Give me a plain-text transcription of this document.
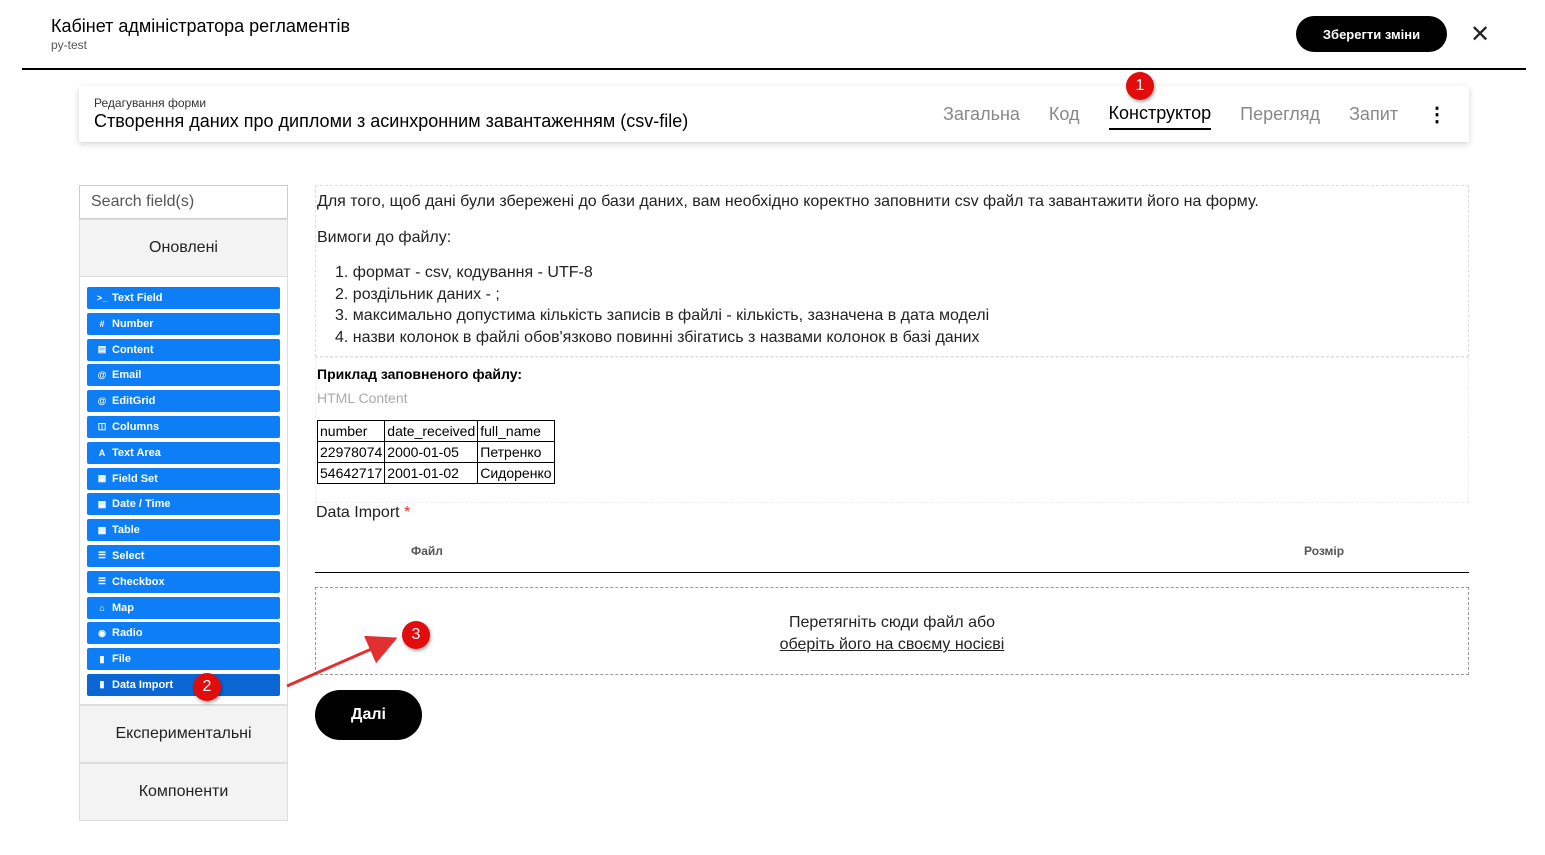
Кабінет адміністратора регламентів
py-test
Зберегти зміни	✕
Редагування форми
Створення даних про дипломи з асинхронним завантаженням (csv-file)	Загальна Код Конструктор Перегляд Запит ⋮
Search field(s)
Оновлені
>_ Text Field
# Number
▤ Content
@ Email
@ EditGrid
◫ Columns
A Text Area
▦ Field Set
▦ Date / Time
▦ Table
☰ Select
☰ Checkbox
⌂ Map
◉ Radio
▮ File
▮ Data Import
Експериментальні
Компоненти

Для того, щоб дані були збережені до бази даних, вам необхідно коректно заповнити csv файл та завантажити його на форму.

Вимоги до файлу:

1. формат - csv, кодування - UTF-8
2. роздільник даних - ;
3. максимально допустима кількість записів в файлі - кількість, зазначена в дата моделі
4. назви колонок в файлі обов'язково повинні збігатись з назвами колонок в базі даних
Приклад заповненого файлу:
HTML Content
number	date_received	full_name
22978074	2000-01-05	Петренко
54642717	2001-01-02	Сидоренко
Data Import *
Файл	Розмір
Перетягніть сюди файл або
оберіть його на своєму носієві
Далі
1
2
3
